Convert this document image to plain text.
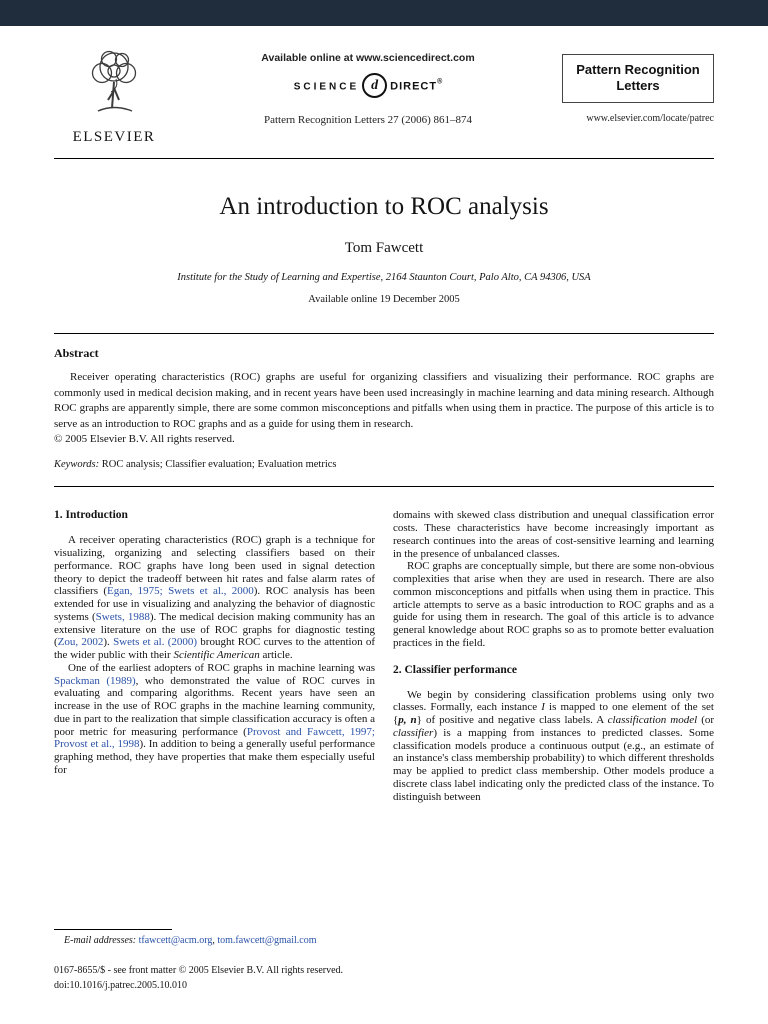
ELSEVIER
Available online at www.sciencedirect.com
SCIENCE d DIRECT®
Pattern Recognition Letters 27 (2006) 861–874
Pattern Recognition
Letters
www.elsevier.com/locate/patrec
An introduction to ROC analysis
Tom Fawcett
Institute for the Study of Learning and Expertise, 2164 Staunton Court, Palo Alto, CA 94306, USA
Available online 19 December 2005
Abstract

Receiver operating characteristics (ROC) graphs are useful for organizing classifiers and visualizing their performance. ROC graphs are commonly used in medical decision making, and in recent years have been used increasingly in machine learning and data mining research. Although ROC graphs are apparently simple, there are some common misconceptions and pitfalls when using them in practice. The purpose of this article is to serve as an introduction to ROC graphs and as a guide for using them in research.

© 2005 Elsevier B.V. All rights reserved.

Keywords: ROC analysis; Classifier evaluation; Evaluation metrics

1. Introduction

A receiver operating characteristics (ROC) graph is a technique for visualizing, organizing and selecting classifiers based on their performance. ROC graphs have long been used in signal detection theory to depict the tradeoff between hit rates and false alarm rates of classifiers (Egan, 1975; Swets et al., 2000). ROC analysis has been extended for use in visualizing and analyzing the behavior of diagnostic systems (Swets, 1988). The medical decision making community has an extensive literature on the use of ROC graphs for diagnostic testing (Zou, 2002). Swets et al. (2000) brought ROC curves to the attention of the wider public with their Scientific American article.

One of the earliest adopters of ROC graphs in machine learning was Spackman (1989), who demonstrated the value of ROC curves in evaluating and comparing algorithms. Recent years have seen an increase in the use of ROC graphs in the machine learning community, due in part to the realization that simple classification accuracy is often a poor metric for measuring performance (Provost and Fawcett, 1997; Provost et al., 1998). In addition to being a generally useful performance graphing method, they have properties that make them especially useful for

E-mail addresses: tfawcett@acm.org, tom.fawcett@gmail.com

0167-8655/$ - see front matter © 2005 Elsevier B.V. All rights reserved.

doi:10.1016/j.patrec.2005.10.010

domains with skewed class distribution and unequal classification error costs. These characteristics have become increasingly important as research continues into the areas of cost-sensitive learning and learning in the presence of unbalanced classes.

ROC graphs are conceptually simple, but there are some non-obvious complexities that arise when they are used in research. There are also common misconceptions and pitfalls when using them in practice. This article attempts to serve as a basic introduction to ROC graphs and as a guide for using them in research. The goal of this article is to advance general knowledge about ROC graphs so as to promote better evaluation practices in the field.

2. Classifier performance

We begin by considering classification problems using only two classes. Formally, each instance I is mapped to one element of the set {p, n} of positive and negative class labels. A classification model (or classifier) is a mapping from instances to predicted classes. Some classification models produce a continuous output (e.g., an estimate of an instance's class membership probability) to which different thresholds may be applied to predict class membership. Other models produce a discrete class label indicating only the predicted class of the instance. To distinguish between
